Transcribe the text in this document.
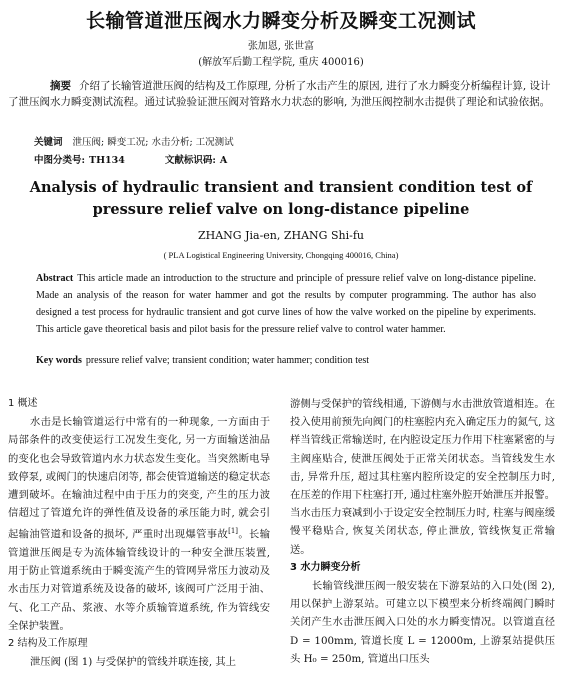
长输管道泄压阀水力瞬变分析及瞬变工况测试
张加恩, 张世富
(解放军后勤工程学院, 重庆 400016)
摘要 介绍了长输管道泄压阀的结构及工作原理, 分析了水击产生的原因, 进行了水力瞬变分析编程计算, 设计了泄压阀水力瞬变测试流程。通过试验验证泄压阀对管路水力状态的影响, 为泄压阀控制水击提供了理论和试验依据。
关键词 泄压阀; 瞬变工况; 水击分析; 工况测试
中图分类号: TH134	文献标识码: A
Analysis of hydraulic transient and transient condition test of
pressure relief valve on long-distance pipeline
ZHANG Jia-en, ZHANG Shi-fu
( PLA Logistical Engineering University, Chongqing 400016, China)
Abstract This article made an introduction to the structure and principle of pressure relief valve on long-distance pipeline. Made an analysis of the reason for water hammer and got the results by computer programming. The author has also designed a test process for hydraulic transient and got curve lines of how the valve worked on the pipeline by experiments. This article gave theoretical basis and pilot basis for the pressure relief valve to control water hammer.
Key words pressure relief valve; transient condition; water hammer; condition test

1 概述

水击是长输管道运行中常有的一种现象, 一方面由于局部条件的改变使运行工况发生变化, 另一方面输送油品的变化也会导致管道内水力状态发生变化。当突然断电导致停泵, 或阀门的快速启闭等, 都会使管道输送的稳定状态遭到破坏。在输油过程中由于压力的突变, 产生的压力波信超过了管道允许的弹性值及设备的承压能力时, 就会引起输油管道和设备的损坏, 严重时出现爆管事故[1]。长输管道泄压阀是专为流体输管线设计的一种安全泄压装置, 用于防止管道系统由于瞬变流产生的管网异常压力波动及水击压力对管道系统及设备的破坏, 该阀可广泛用于油、气、化工产品、浆液、水等介质输管道系统, 作为管线安全保护装置。

2 结构及工作原理

泄压阀 (图 1) 与受保护的管线并联连接, 其上

游侧与受保护的管线相通, 下游侧与水击泄放管道相连。在投入使用前预先向阀门的柱塞腔内充入确定压力的氮气, 这样当管线正常输送时, 在内腔设定压力作用下柱塞紧密的与主阀座贴合, 使泄压阀处于正常关闭状态。当管线发生水击, 异常升压, 超过其柱塞内腔所设定的安全控制压力时, 在压差的作用下柱塞打开, 通过柱塞外腔开始泄压并报警。当水击压力衰减到小于设定安全控制压力时, 柱塞与阀座缓慢平稳贴合, 恢复关闭状态, 停止泄放, 管线恢复正常输送。

3 水力瞬变分析

长输管线泄压阀一般安装在下游泵站的入口处(图 2), 用以保护上游泵站。可建立以下模型来分析终端阀门瞬时关闭产生水击泄压阀入口处的水力瞬变情况。以管道直径 D = 100mm, 管道长度 L = 12000m, 上游泵站提供压头 H₀ = 250m, 管道出口压头
